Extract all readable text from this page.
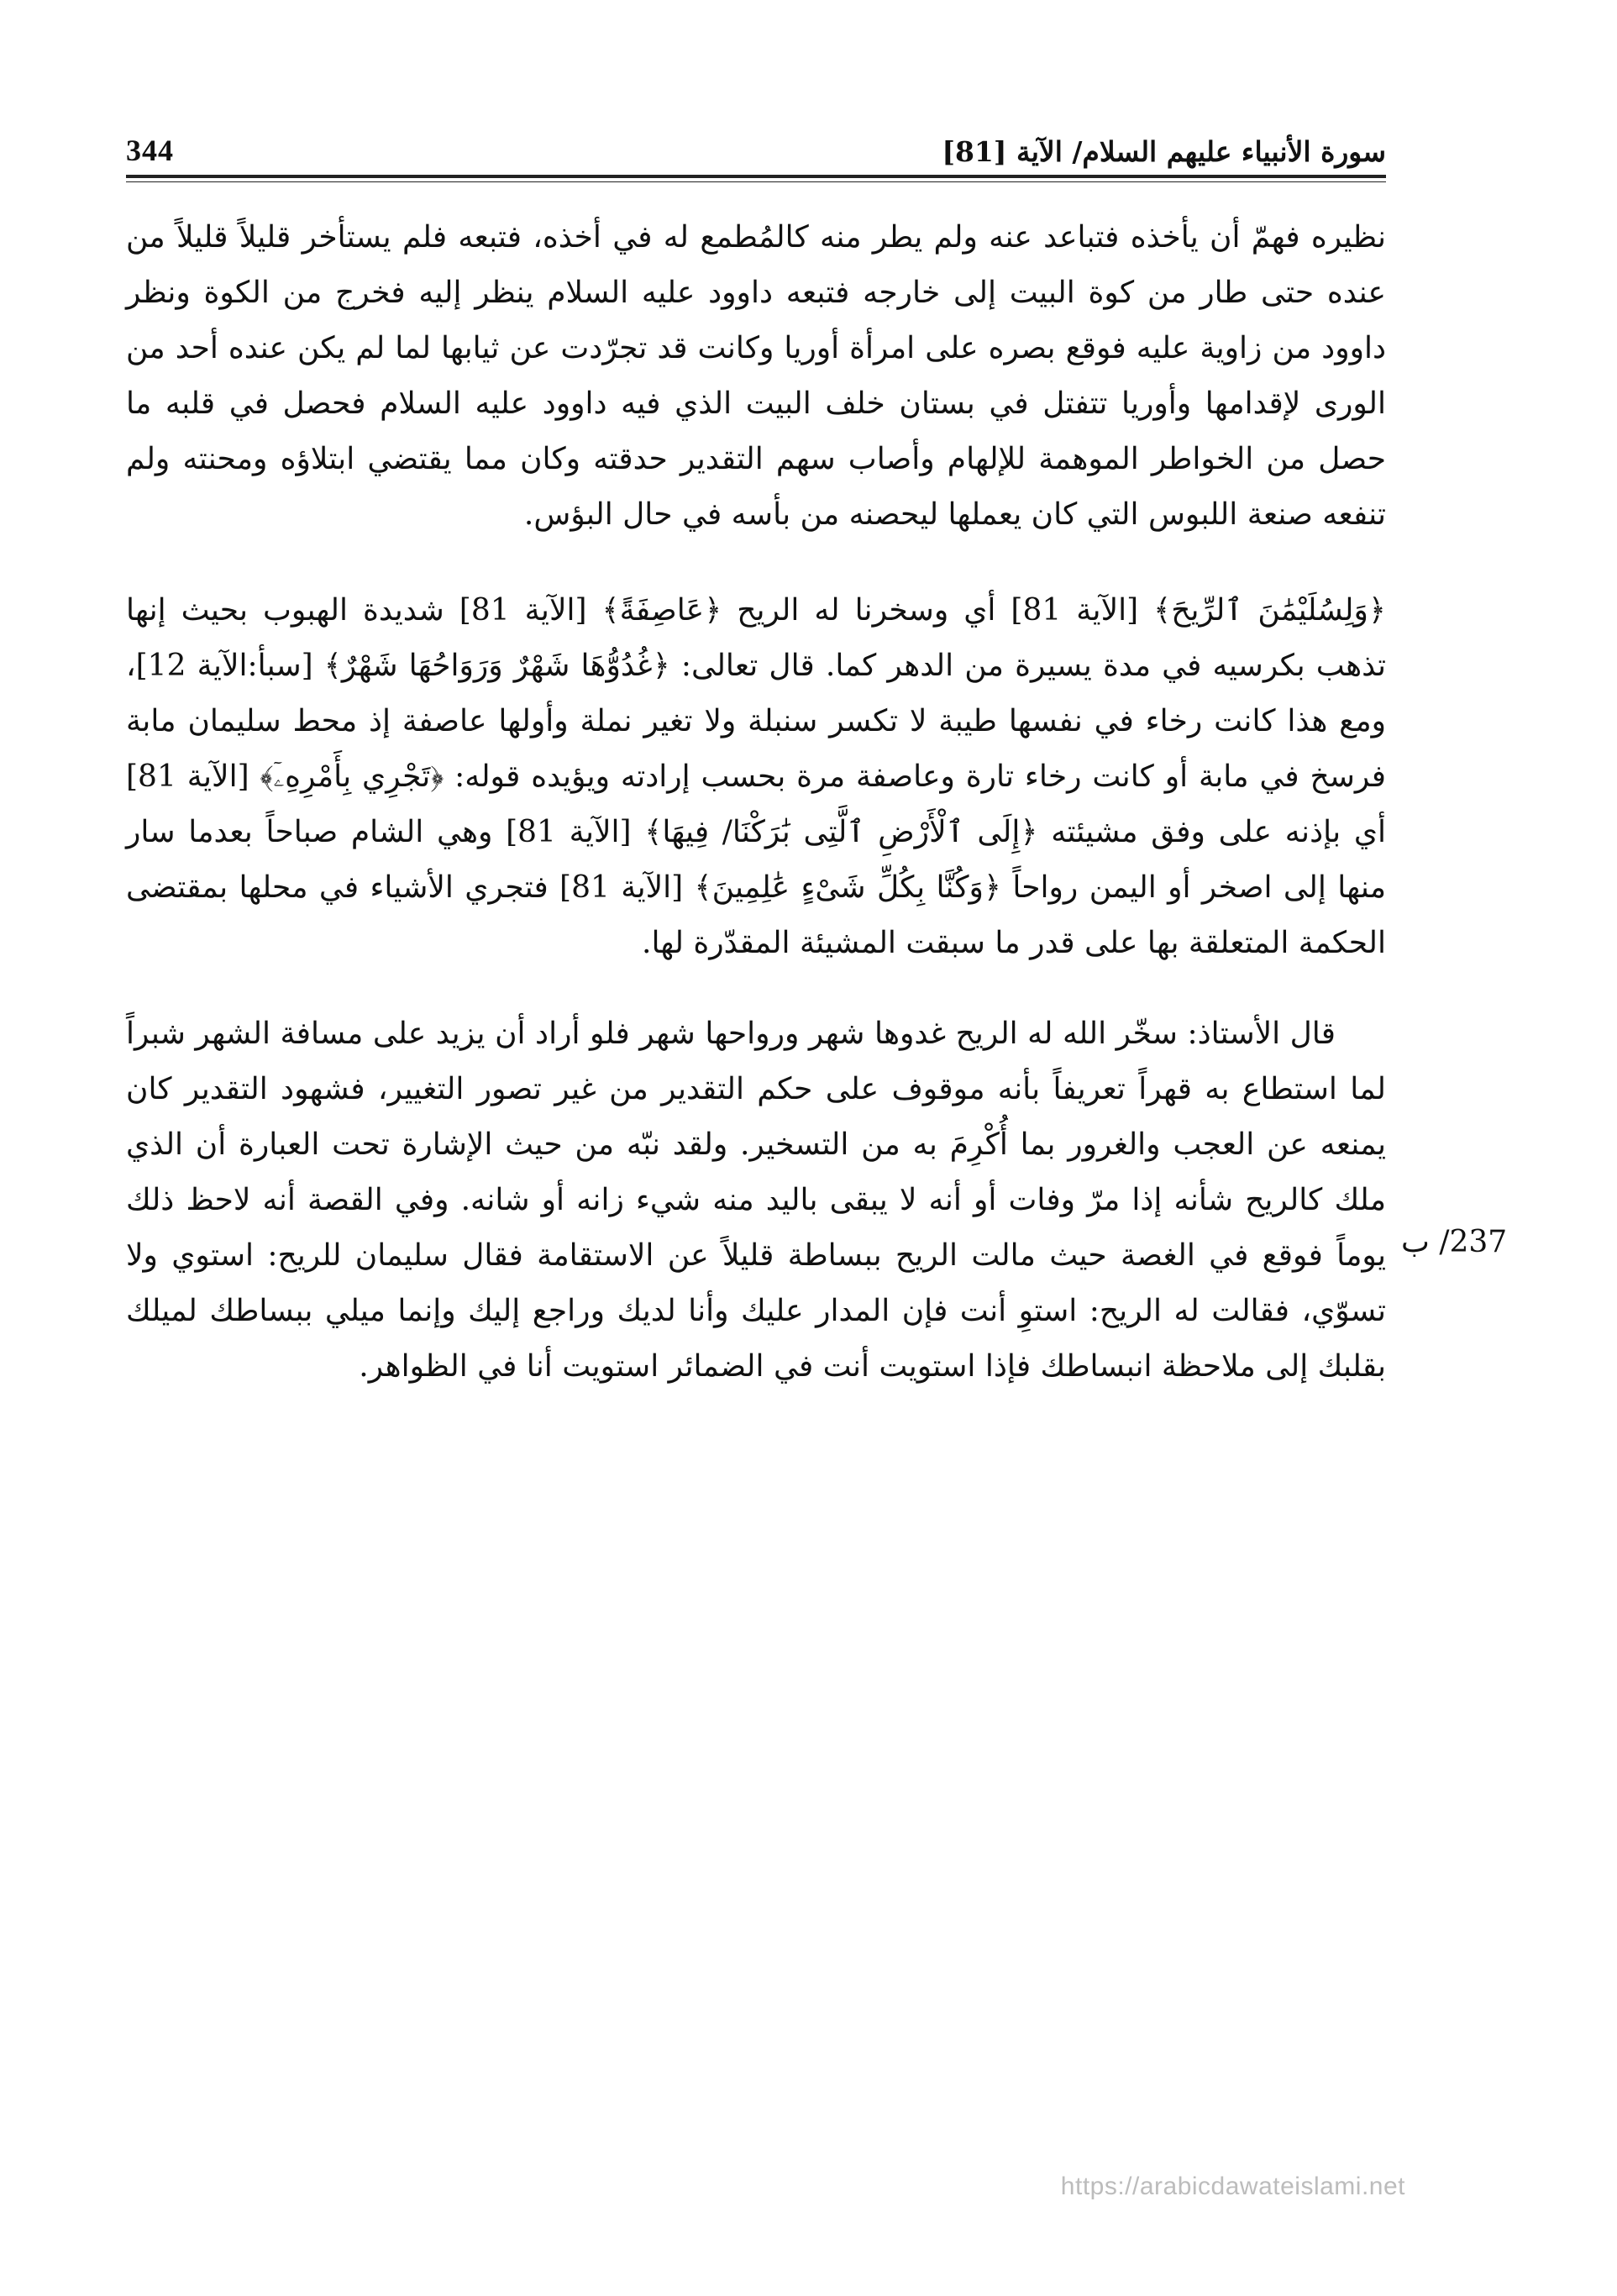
344	سورة الأنبياء عليهم السلام/ الآية [81]

نظيره فهمّ أن يأخذه فتباعد عنه ولم يطر منه كالمُطمع له في أخذه، فتبعه فلم يستأخر قليلاً قليلاً من عنده حتى طار من كوة البيت إلى خارجه فتبعه داوود عليه السلام ينظر إليه فخرج من الكوة ونظر داوود من زاوية عليه فوقع بصره على امرأة أوريا وكانت قد تجرّدت عن ثيابها لما لم يكن عنده أحد من الورى لإقدامها وأوريا تتفتل في بستان خلف البيت الذي فيه داوود عليه السلام فحصل في قلبه ما حصل من الخواطر الموهمة للإلهام وأصاب سهم التقدير حدقته وكان مما يقتضي ابتلاؤه ومحنته ولم تنفعه صنعة اللبوس التي كان يعملها ليحصنه من بأسه في حال البؤس.

﴿وَلِسُلَيْمَٰنَ ٱلرِّيحَ﴾ [الآية 81] أي وسخرنا له الريح ﴿عَاصِفَةً﴾ [الآية 81] شديدة الهبوب بحيث إنها تذهب بكرسيه في مدة يسيرة من الدهر كما. قال تعالى: ﴿غُدُوُّهَا شَهْرٌ وَرَوَاحُهَا شَهْرٌ﴾ [سبأ:الآية 12]، ومع هذا كانت رخاء في نفسها طيبة لا تكسر سنبلة ولا تغير نملة وأولها عاصفة إذ محط سليمان مابة فرسخ في مابة أو كانت رخاء تارة وعاصفة مرة بحسب إرادته ويؤيده قوله: ﴿تَجْرِي بِأَمْرِهِۦٓ﴾ [الآية 81] أي بإذنه على وفق مشيئته ﴿إِلَى ٱلْأَرْضِ ٱلَّتِى بَٰرَكْنَا/ فِيهَا﴾ [الآية 81] وهي الشام صباحاً بعدما سار منها إلى اصخر أو اليمن رواحاً ﴿وَكُنَّا بِكُلِّ شَىْءٍ عَٰلِمِينَ﴾ [الآية 81] فتجري الأشياء في محلها بمقتضى الحكمة المتعلقة بها على قدر ما سبقت المشيئة المقدّرة لها.

قال الأستاذ: سخّر الله له الريح غدوها شهر ورواحها شهر فلو أراد أن يزيد على مسافة الشهر شبراً لما استطاع به قهراً تعريفاً بأنه موقوف على حكم التقدير من غير تصور التغيير، فشهود التقدير كان يمنعه عن العجب والغرور بما أُكْرِمَ به من التسخير. ولقد نبّه من حيث الإشارة تحت العبارة أن الذي ملك كالريح شأنه إذا مرّ وفات أو أنه لا يبقى باليد منه شيء زانه أو شانه. وفي القصة أنه لاحظ ذلك يوماً فوقع في الغصة حيث مالت الريح ببساطة قليلاً عن الاستقامة فقال سليمان للريح: استوي ولا تسوّي، فقالت له الريح: استوِ أنت فإن المدار عليك وأنا لديك وراجع إليك وإنما ميلي ببساطك لميلك بقلبك إلى ملاحظة انبساطك فإذا استويت أنت في الضمائر استويت أنا في الظواهر.

237/ ب
https://arabicdawateislami.net
